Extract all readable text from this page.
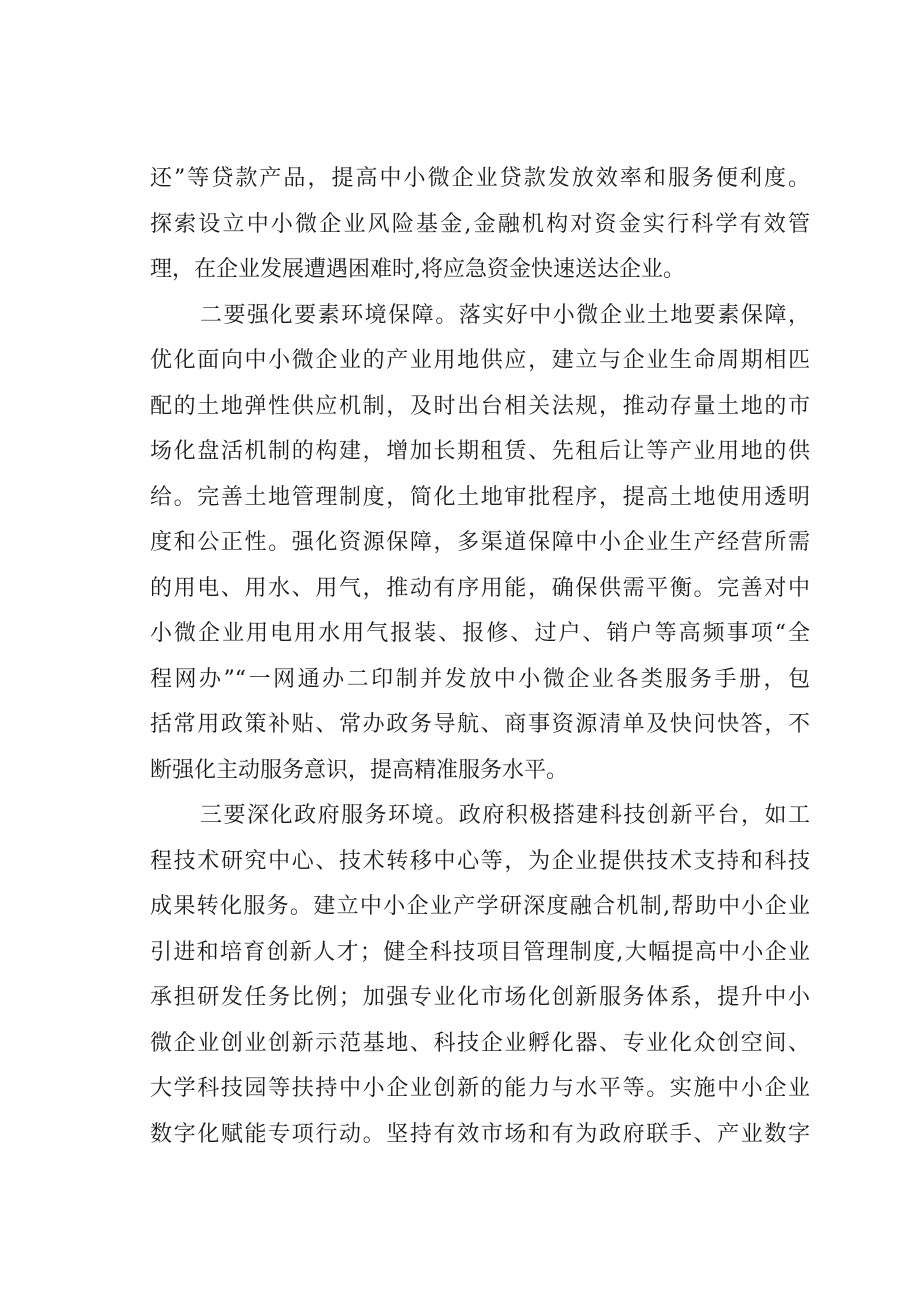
还”等贷款产品，提高中小微企业贷款发放效率和服务便利度。
探索设立中小微企业风险基金,金融机构对资金实行科学有效管
理，在企业发展遭遇困难时,将应急资金快速送达企业。
二要强化要素环境保障。落实好中小微企业土地要素保障，
优化面向中小微企业的产业用地供应，建立与企业生命周期相匹
配的土地弹性供应机制，及时出台相关法规，推动存量土地的市
场化盘活机制的构建，增加长期租赁、先租后让等产业用地的供
给。完善土地管理制度，简化土地审批程序，提高土地使用透明
度和公正性。强化资源保障，多渠道保障中小企业生产经营所需
的用电、用水、用气，推动有序用能，确保供需平衡。完善对中
小微企业用电用水用气报装、报修、过户、销户等高频事项“全
程网办”“一网通办二印制并发放中小微企业各类服务手册，包
括常用政策补贴、常办政务导航、商事资源清单及快问快答，不
断强化主动服务意识，提高精准服务水平。
三要深化政府服务环境。政府积极搭建科技创新平台，如工
程技术研究中心、技术转移中心等，为企业提供技术支持和科技
成果转化服务。建立中小企业产学研深度融合机制,帮助中小企业
引进和培育创新人才；健全科技项目管理制度,大幅提高中小企业
承担研发任务比例；加强专业化市场化创新服务体系，提升中小
微企业创业创新示范基地、科技企业孵化器、专业化众创空间、
大学科技园等扶持中小企业创新的能力与水平等。实施中小企业
数字化赋能专项行动。坚持有效市场和有为政府联手、产业数字
